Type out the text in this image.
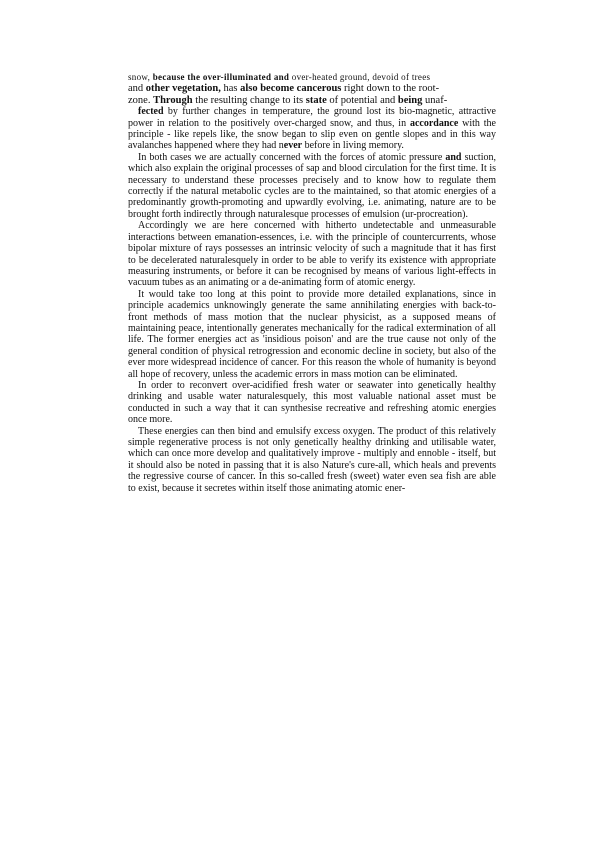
snow, because the over-illuminated and over-heated ground, devoid of trees
and other vegetation, has also become cancerous right down to the root-
zone. Through the resulting change to its state of potential and being unaf-

fected by further changes in temperature, the ground lost its bio-magnetic, attractive power in relation to the positively over-charged snow, and thus, in accordance with the principle - like repels like, the snow began to slip even on gentle slopes and in this way avalanches happened where they had never before in living memory.

In both cases we are actually concerned with the forces of atomic pressure and suction, which also explain the original processes of sap and blood circulation for the first time. It is necessary to understand these processes precisely and to know how to regulate them correctly if the natural metabolic cycles are to the maintained, so that atomic energies of a predominantly growth-promoting and upwardly evolving, i.e. animating, nature are to be brought forth indirectly through naturalesque processes of emulsion (ur-procreation).

Accordingly we are here concerned with hitherto undetectable and unmeasurable interactions between emanation-essences, i.e. with the principle of countercurrents, whose bipolar mixture of rays possesses an intrinsic velocity of such a magnitude that it has first to be decelerated naturalesquely in order to be able to verify its existence with appropriate measuring instruments, or before it can be recognised by means of various light-effects in vacuum tubes as an animating or a de-animating form of atomic energy.

It would take too long at this point to provide more detailed explanations, since in principle academics unknowingly generate the same annihilating energies with back-to-front methods of mass motion that the nuclear physicist, as a supposed means of maintaining peace, intentionally generates mechanically for the radical extermination of all life. The former energies act as 'insidious poison' and are the true cause not only of the general condition of physical retrogression and economic decline in society, but also of the ever more widespread incidence of cancer. For this reason the whole of humanity is beyond all hope of recovery, unless the academic errors in mass motion can be eliminated.

In order to reconvert over-acidified fresh water or seawater into genetically healthy drinking and usable water naturalesquely, this most valuable national asset must be conducted in such a way that it can synthesise recreative and refreshing atomic energies once more.

These energies can then bind and emulsify excess oxygen. The product of this relatively simple regenerative process is not only genetically healthy drinking and utilisable water, which can once more develop and qualitatively improve - multiply and ennoble - itself, but it should also be noted in passing that it is also Nature's cure-all, which heals and prevents the regressive course of cancer. In this so-called fresh (sweet) water even sea fish are able to exist, because it secretes within itself those animating atomic ener-
